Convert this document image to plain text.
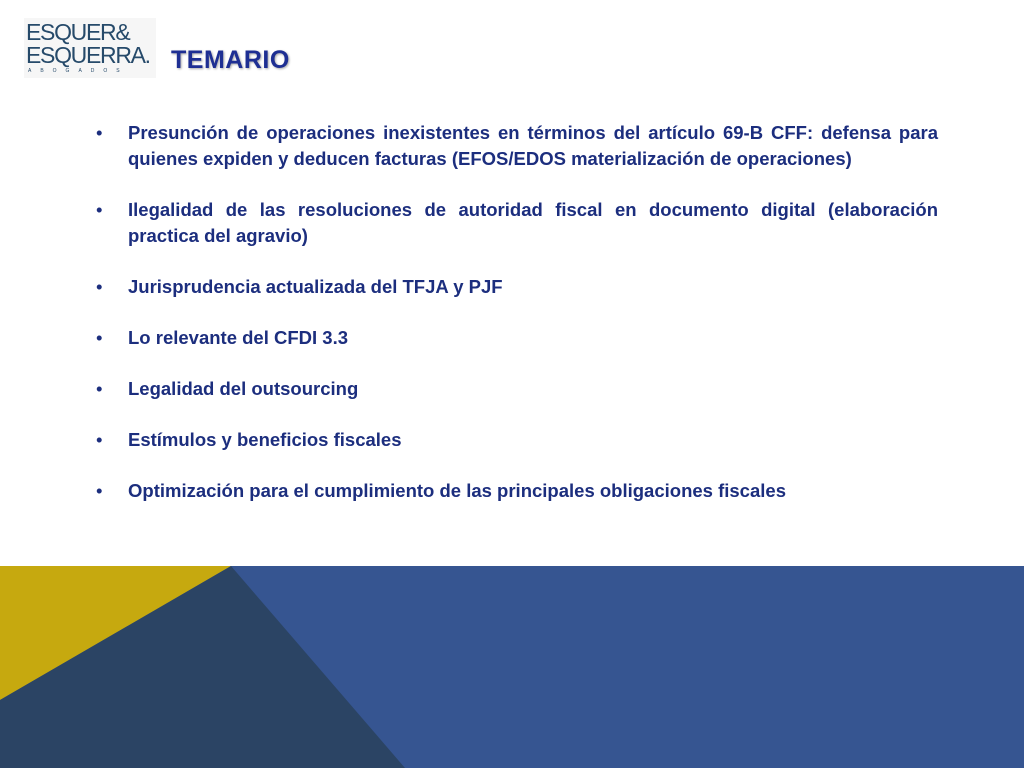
ESQUER&
ESQUERRA.
ABOGADOS TEMARIO
• Presunción de operaciones inexistentes en términos del artículo 69-B CFF: defensa para quienes expiden y deducen facturas (EFOS/EDOS materialización de operaciones)
• Ilegalidad de las resoluciones de autoridad fiscal en documento digital (elaboración practica del agravio)
• Jurisprudencia actualizada del TFJA y PJF
• Lo relevante del CFDI 3.3
• Legalidad del outsourcing
• Estímulos y beneficios fiscales
• Optimización para el cumplimiento de las principales obligaciones fiscales
